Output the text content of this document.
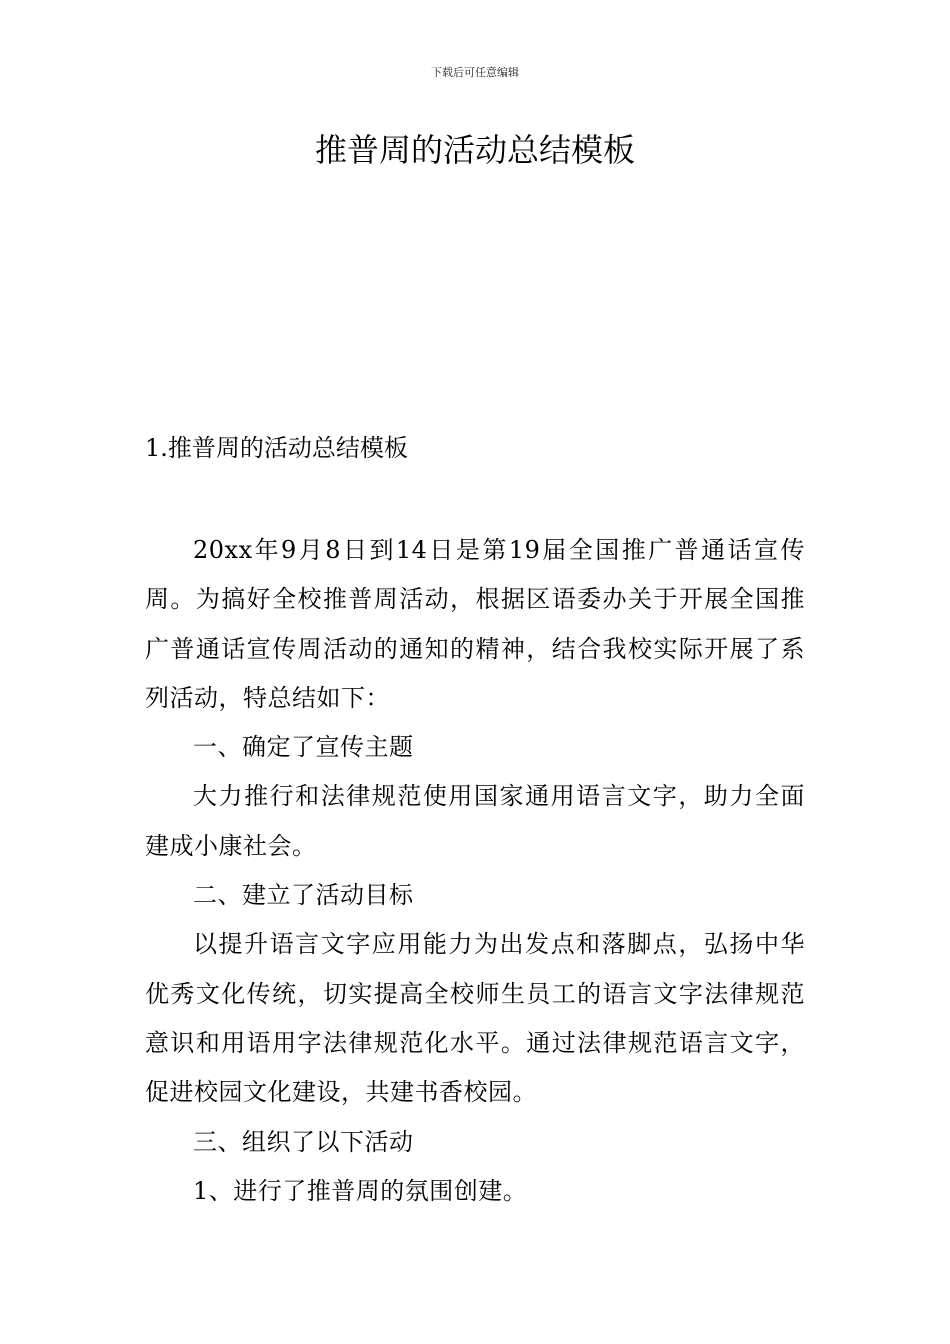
下载后可任意编辑
推普周的活动总结模板
1.推普周的活动总结模板

20xx年9月8日到14日是第19届全国推广普通话宣传周。为搞好全校推普周活动，根据区语委办关于开展全国推广普通话宣传周活动的通知的精神，结合我校实际开展了系列活动，特总结如下：

一、确定了宣传主题

大力推行和法律规范使用国家通用语言文字，助力全面建成小康社会。

二、建立了活动目标

以提升语言文字应用能力为出发点和落脚点，弘扬中华优秀文化传统，切实提高全校师生员工的语言文字法律规范意识和用语用字法律规范化水平。通过法律规范语言文字，促进校园文化建设，共建书香校园。

三、组织了以下活动

1、进行了推普周的氛围创建。
